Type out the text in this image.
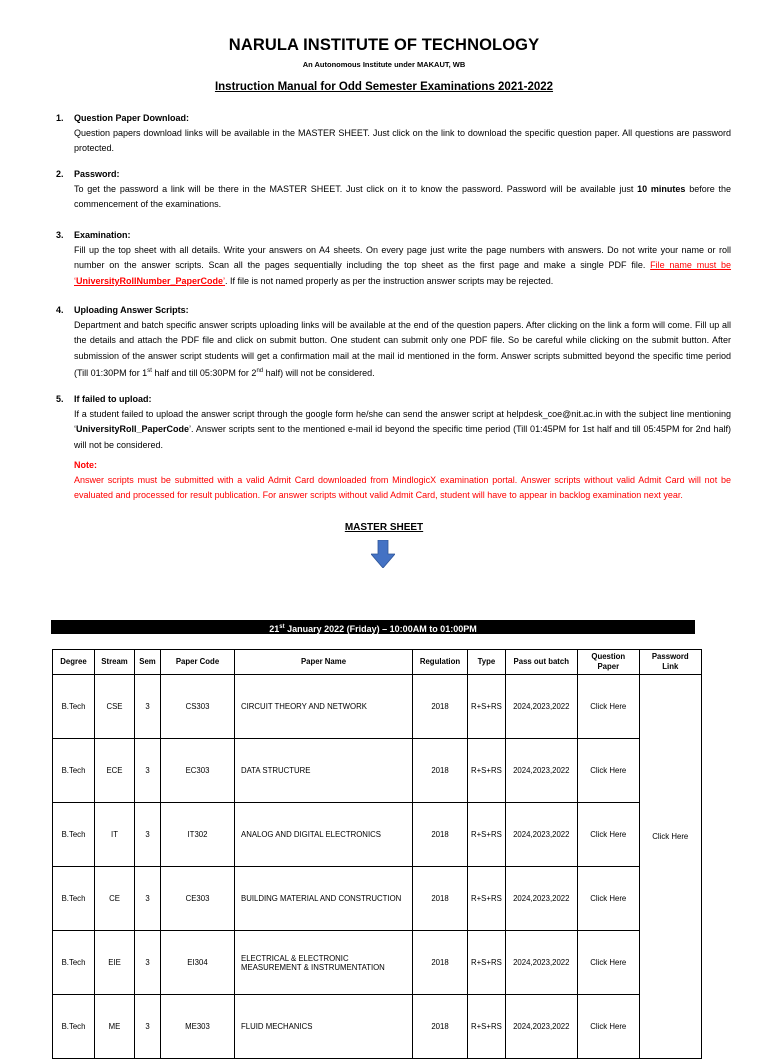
NARULA INSTITUTE OF TECHNOLOGY
An Autonomous Institute under MAKAUT, WB
Instruction Manual for Odd Semester Examinations 2021-2022
1.	Question Paper Download:
Question papers download links will be available in the MASTER SHEET. Just click on the link to download the specific question paper. All questions are password protected.
2.	Password:
To get the password a link will be there in the MASTER SHEET. Just click on it to know the password. Password will be available just 10 minutes before the commencement of the examinations.
3.	Examination:
Fill up the top sheet with all details. Write your answers on A4 sheets. On every page just write the page numbers with answers. Do not write your name or roll number on the answer scripts. Scan all the pages sequentially including the top sheet as the first page and make a single PDF file. File name must be ‘UniversityRollNumber_PaperCode’. If file is not named properly as per the instruction answer scripts may be rejected.
4.	Uploading Answer Scripts:
Department and batch specific answer scripts uploading links will be available at the end of the question papers. After clicking on the link a form will come. Fill up all the details and attach the PDF file and click on submit button. One student can submit only one PDF file. So be careful while clicking on the submit button. After submission of the answer script students will get a confirmation mail at the mail id mentioned in the form. Answer scripts submitted beyond the specific time period (Till 01:30PM for 1st half and till 05:30PM for 2nd half) will not be considered.
5.	If failed to upload:
If a student failed to upload the answer script through the google form he/she can send the answer script at helpdesk_coe@nit.ac.in with the subject line mentioning ‘UniversityRoll_PaperCode’. Answer scripts sent to the mentioned e-mail id beyond the specific time period (Till 01:45PM for 1st half and till 05:45PM for 2nd half) will not be considered.
Note:
Answer scripts must be submitted with a valid Admit Card downloaded from MindlogicX examination portal. Answer scripts without valid Admit Card will not be evaluated and processed for result publication. For answer scripts without valid Admit Card, student will have to appear in backlog examination next year.
MASTER SHEET
21st January 2022 (Friday) – 10:00AM to 01:00PM
Degree	Stream	Sem	Paper Code	Paper Name	Regulation	Type	Pass out batch	Question Paper	Password Link
B.Tech	CSE	3	CS303	CIRCUIT THEORY AND NETWORK	2018	R+S+RS	2024,2023,2022	Click Here	Click Here
B.Tech	ECE	3	EC303	DATA STRUCTURE	2018	R+S+RS	2024,2023,2022	Click Here	
B.Tech	IT	3	IT302	ANALOG AND DIGITAL ELECTRONICS	2018	R+S+RS	2024,2023,2022	Click Here	
B.Tech	CE	3	CE303	BUILDING MATERIAL AND CONSTRUCTION	2018	R+S+RS	2024,2023,2022	Click Here	
B.Tech	EIE	3	EI304	ELECTRICAL & ELECTRONIC MEASUREMENT & INSTRUMENTATION	2018	R+S+RS	2024,2023,2022	Click Here	
B.Tech	ME	3	ME303	FLUID MECHANICS	2018	R+S+RS	2024,2023,2022	Click Here	
